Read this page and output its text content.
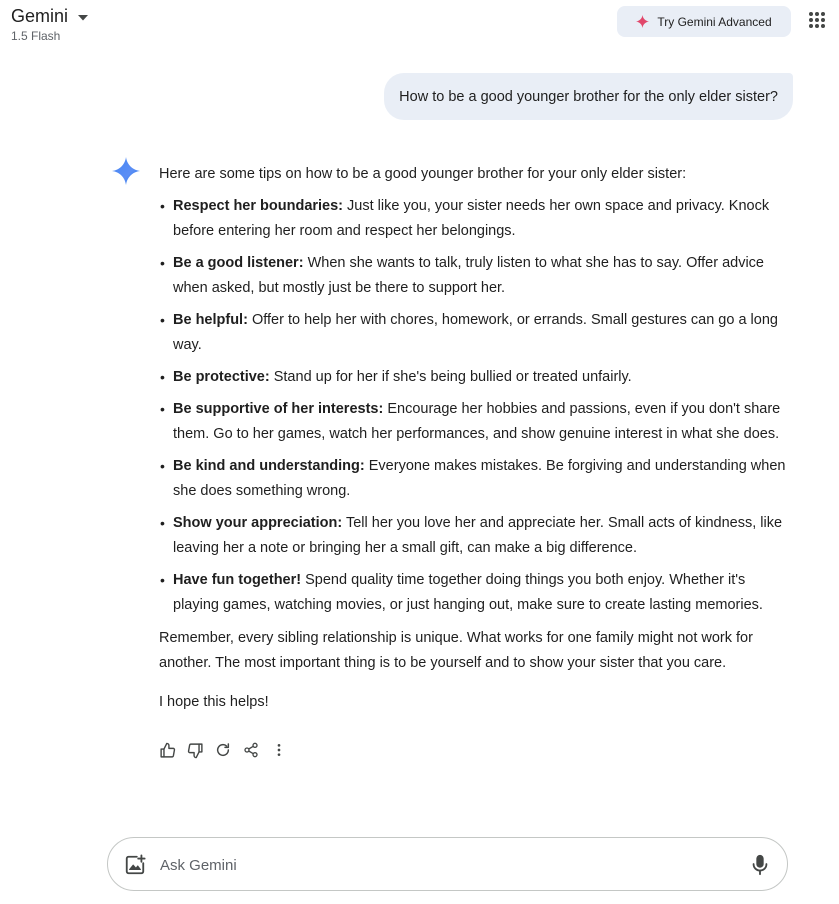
Gemini
1.5 Flash
Try Gemini Advanced
How to be a good younger brother for the only elder sister?

Here are some tips on how to be a good younger brother for your only elder sister:

• Respect her boundaries: Just like you, your sister needs her own space and privacy. Knock before entering her room and respect her belongings.
• Be a good listener: When she wants to talk, truly listen to what she has to say. Offer advice when asked, but mostly just be there to support her.
• Be helpful: Offer to help her with chores, homework, or errands. Small gestures can go a long way.
• Be protective: Stand up for her if she's being bullied or treated unfairly.
• Be supportive of her interests: Encourage her hobbies and passions, even if you don't share them. Go to her games, watch her performances, and show genuine interest in what she does.
• Be kind and understanding: Everyone makes mistakes. Be forgiving and understanding when she does something wrong.
• Show your appreciation: Tell her you love her and appreciate her. Small acts of kindness, like leaving her a note or bringing her a small gift, can make a big difference.
• Have fun together! Spend quality time together doing things you both enjoy. Whether it's playing games, watching movies, or just hanging out, make sure to create lasting memories.

Remember, every sibling relationship is unique. What works for one family might not work for another. The most important thing is to be yourself and to show your sister that you care.

I hope this helps!

Ask Gemini
